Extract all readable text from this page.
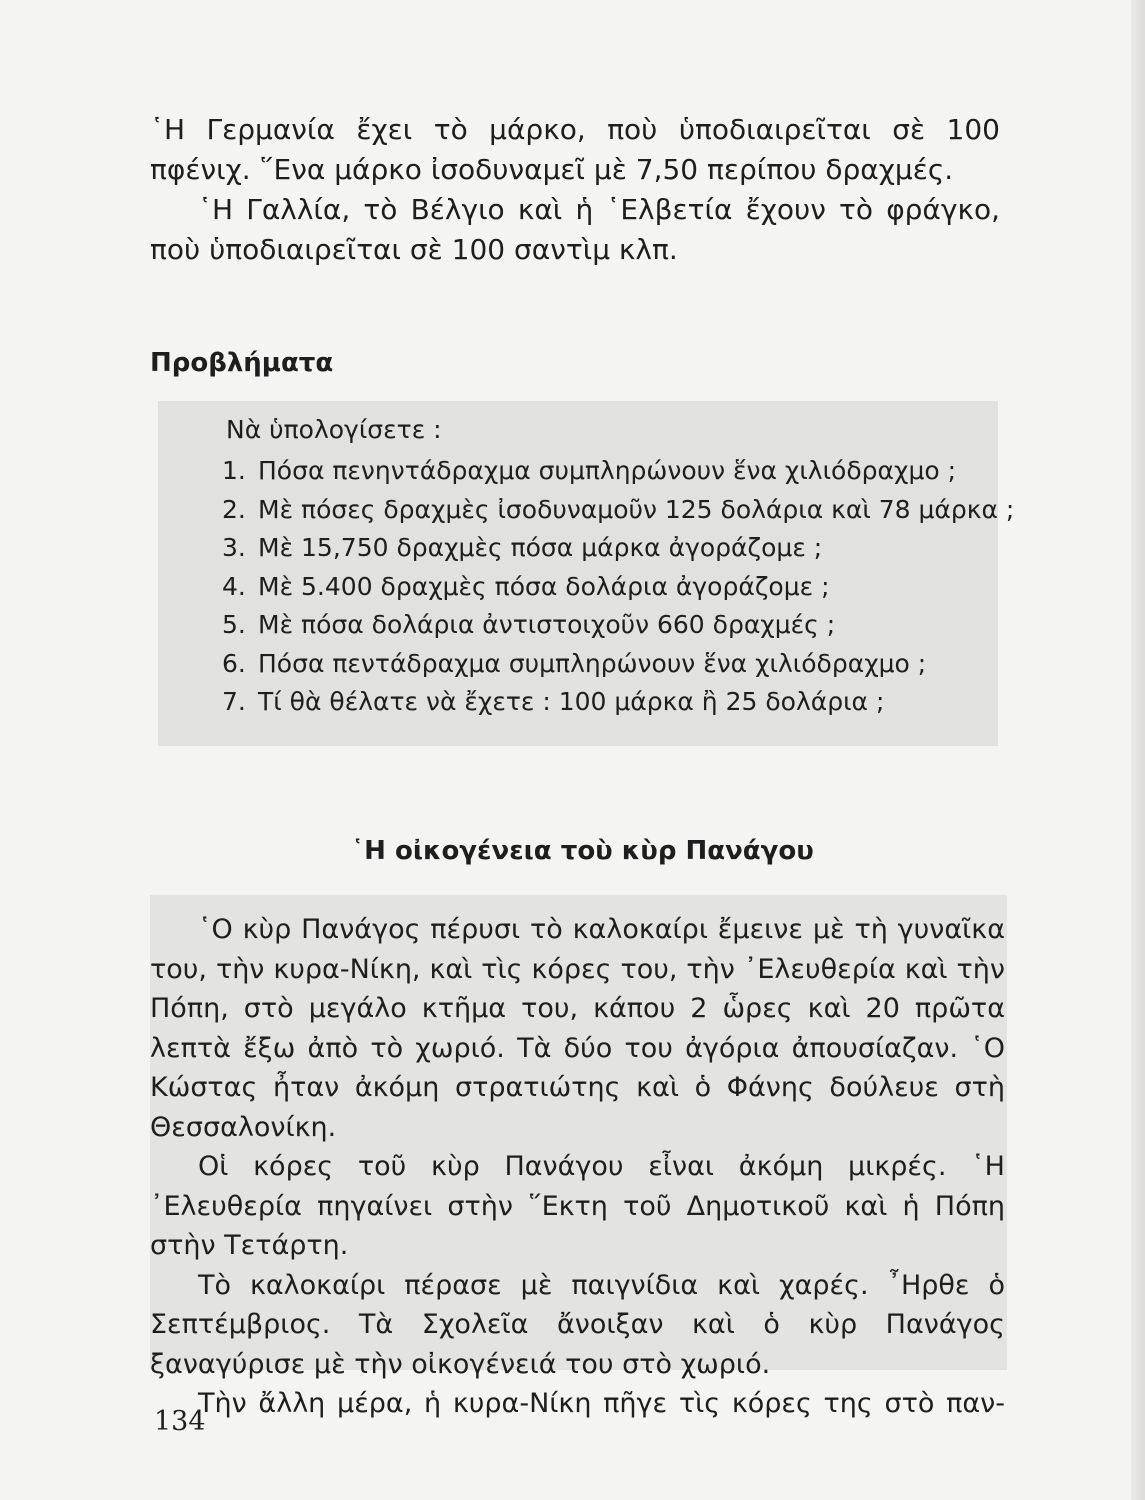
῾Η Γερμανία ἔχει τὸ μάρκο, ποὺ ὑποδιαιρεῖται σὲ 100 πφένιχ. ῞Ενα μάρκο ἰσοδυναμεῖ μὲ 7,50 περίπου δραχμές.

῾Η Γαλλία, τὸ Βέλγιο καὶ ἡ ῾Ελβετία ἔχουν τὸ φράγκο, ποὺ ὑποδιαιρεῖται σὲ 100 σαντὶμ κλπ.

Προβλήματα
Νὰ ὑπολογίσετε :
1. Πόσα πενηντάδραχμα συμπληρώνουν ἕνα χιλιόδραχμο ;
2. Μὲ πόσες δραχμὲς ἰσοδυναμοῦν 125 δολάρια καὶ 78 μάρκα ;
3. Μὲ 15,750 δραχμὲς πόσα μάρκα ἀγοράζομε ;
4. Μὲ 5.400 δραχμὲς πόσα δολάρια ἀγοράζομε ;
5. Μὲ πόσα δολάρια ἀντιστοιχοῦν 660 δραχμές ;
6. Πόσα πεντάδραχμα συμπληρώνουν ἕνα χιλιόδραχμο ;
7. Τί θὰ θέλατε νὰ ἔχετε : 100 μάρκα ἢ 25 δολάρια ;
῾Η οἰκογένεια τοὺ κὺρ Πανάγου

῾Ο κὺρ Πανάγος πέρυσι τὸ καλοκαίρι ἔμεινε μὲ τὴ γυναῖκα του, τὴν κυρα-Νίκη, καὶ τὶς κόρες του, τὴν ᾿Ελευθερία καὶ τὴν Πόπη, στὸ μεγάλο κτῆμα του, κάπου 2 ὧρες καὶ 20 πρῶτα λεπτὰ ἔξω ἀπὸ τὸ χωριό. Τὰ δύο του ἀγόρια ἀπουσίαζαν. ῾Ο Κώστας ἦταν ἀκόμη στρατιώτης καὶ ὁ Φάνης δούλευε στὴ Θεσσαλονίκη.

Οἱ κόρες τοῦ κὺρ Πανάγου εἶναι ἀκόμη μικρές. ῾Η ᾿Ελευθερία πηγαίνει στὴν ῞Εκτη τοῦ Δημοτικοῦ καὶ ἡ Πόπη στὴν Τετάρτη.

Τὸ καλοκαίρι πέρασε μὲ παιγνίδια καὶ χαρές. ῏Ηρθε ὁ Σεπτέμβριος. Τὰ Σχολεῖα ἄνοιξαν καὶ ὁ κὺρ Πανάγος ξαναγύρισε μὲ τὴν οἰκογένειά του στὸ χωριό.

Τὴν ἄλλη μέρα, ἡ κυρα-Νίκη πῆγε τὶς κόρες της στὸ παν-

134
